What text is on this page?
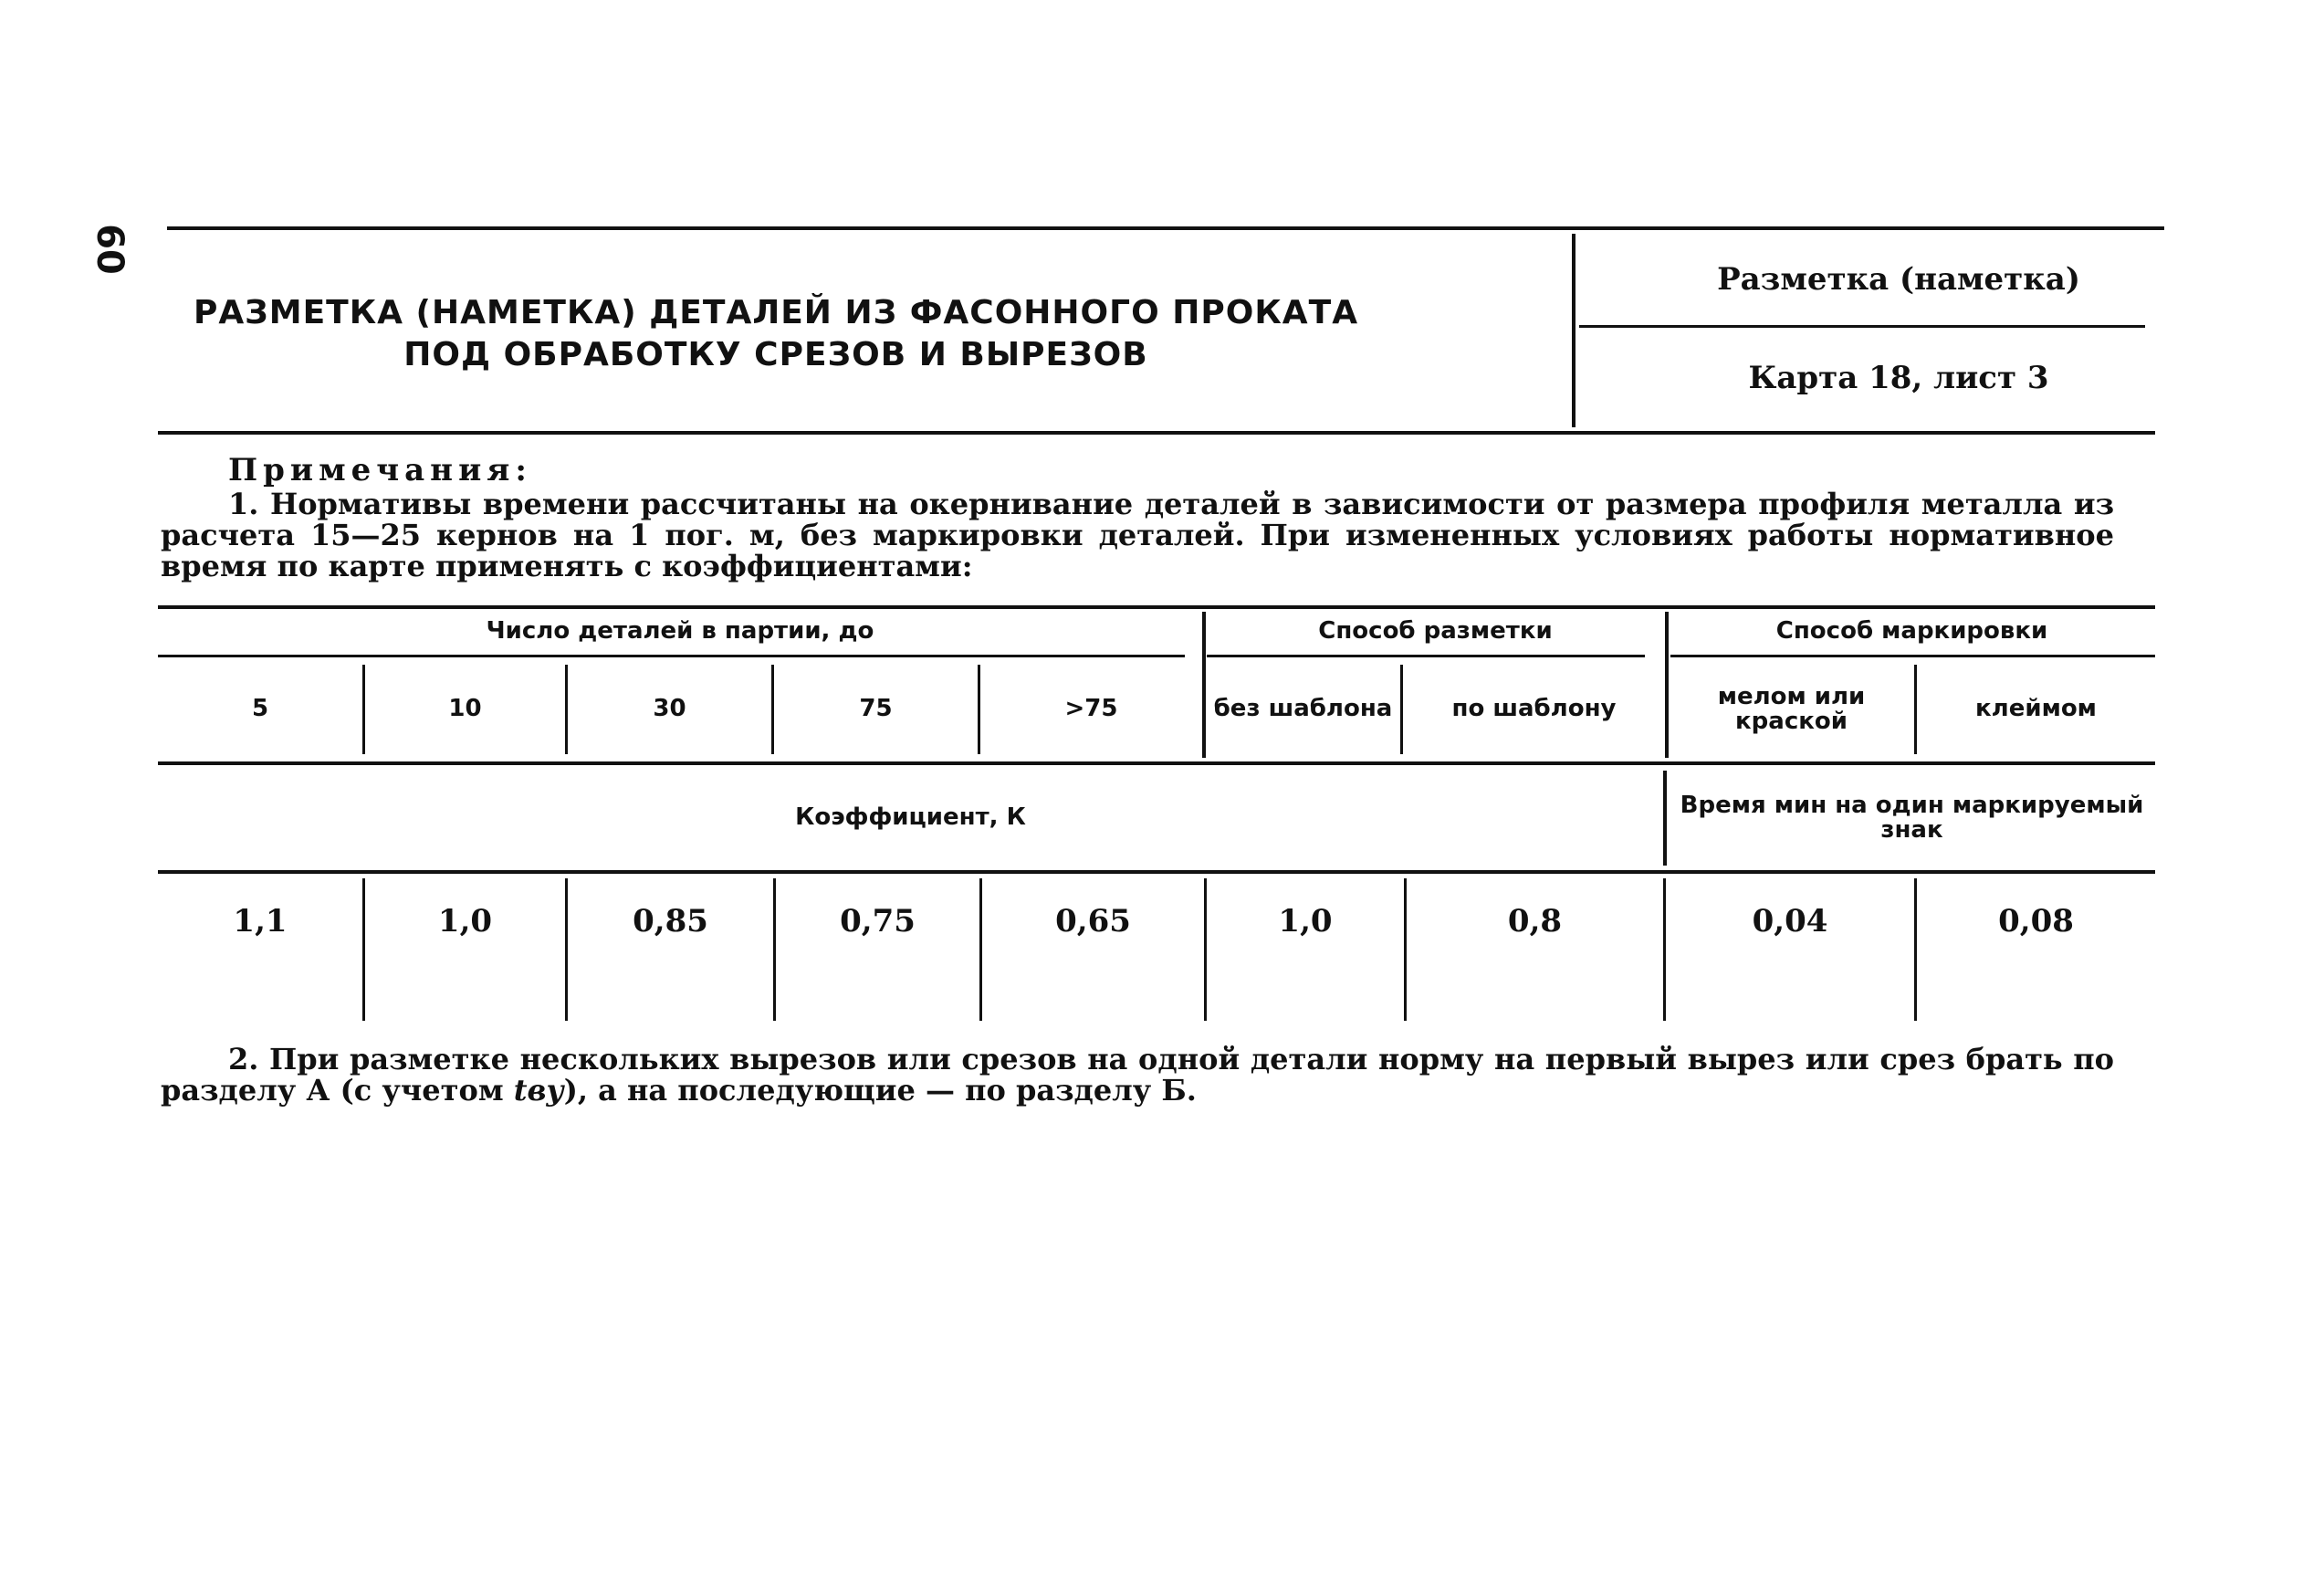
60
РАЗМЕТКА (НАМЕТКА) ДЕТАЛЕЙ ИЗ ФАСОННОГО ПРОКАТА
ПОД ОБРАБОТКУ СРЕЗОВ И ВЫРЕЗОВ
Разметка (наметка)
Карта 18, лист 3
Примечания:
1. Нормативы времени рассчитаны на окернивание деталей в зависимости от размера профиля металла из расчета 15—25 кернов на 1 пог. м, без маркировки деталей. При измененных условиях работы нормативное время по карте применять с коэффициентами:
Число деталей в партии, до	Способ разметки	Способ маркировки
5	10	30	75	>75	без шаблона	по шаблону	мелом или краской	клеймом
Коэффициент, К	Время мин на один маркируемый знак
1,1	1,0	0,85	0,75	0,65	1,0	0,8	0,04	0,08
2. При разметке нескольких вырезов или срезов на одной детали норму на первый вырез или срез брать по разделу А (с учетом tву), а на последующие — по разделу Б.
